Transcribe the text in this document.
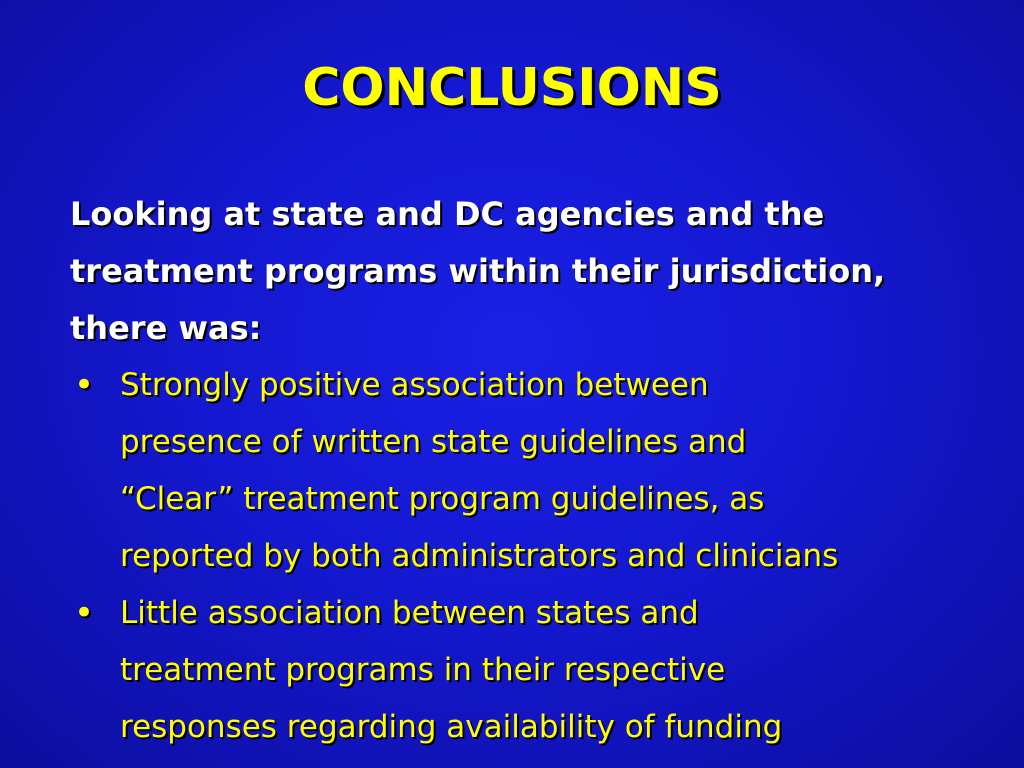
CONCLUSIONS
Looking at state and DC agencies and the
treatment programs within their jurisdiction,
there was:
• Strongly positive association between
presence of written state guidelines and
“Clear” treatment program guidelines, as
reported by both administrators and clinicians
• Little association between states and
treatment programs in their respective
responses regarding availability of funding
